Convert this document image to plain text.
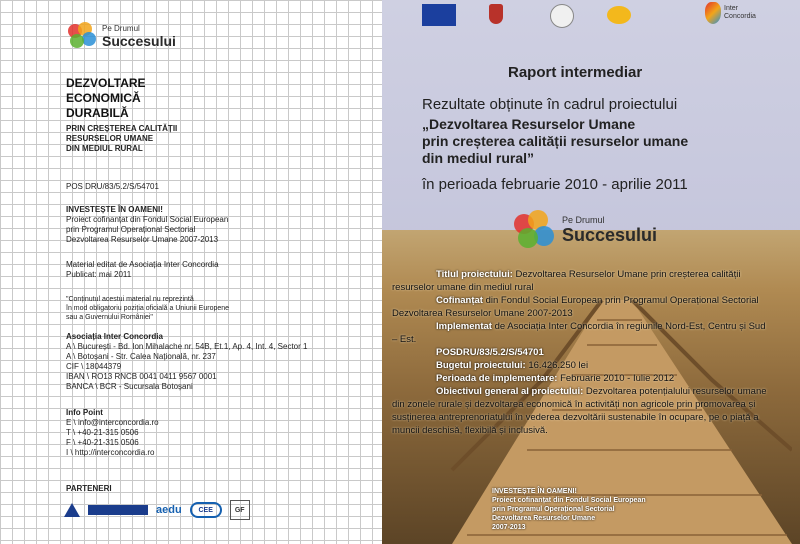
Pe Drumul
Succesului
DEZVOLTARE
ECONOMICĂ
DURABILĂ
PRIN CREȘTEREA CALITĂȚII
RESURSELOR UMANE
DIN MEDIUL RURAL
POS DRU/83/5.2/S/54701
INVESTEȘTE ÎN OAMENI!
Proiect cofinanțat din Fondul Social European
prin Programul Operațional Sectorial
Dezvoltarea Resurselor Umane 2007-2013
Material editat de Asociația Inter Concordia
Publicat: mai 2011
"Conținutul acestui material nu reprezintă
în mod obligatoriu poziția oficială a Uniunii Europene
sau a Guvernului României"
Asociația Inter Concordia
A \ București - Bd. Ion Mihalache nr. 54B, Et.1, Ap. 4, Int. 4, Sector 1
A \ Botoșani - Str. Calea Națională, nr. 237
CIF \ 18044379
IBAN \ RO13 RNCB 0041 0411 9567 0001
BANCA \ BCR - Sucursala Botoșani
Info Point
E \ info@interconcordia.ro
T \ +40-21-315 0506
F \ +40-21-315 0506
I \ http://interconcordia.ro
PARTENERI
aedu	CEE	GF
Inter Concordia
Raport intermediar
Rezultate obținute în cadrul proiectului
„Dezvoltarea Resurselor Umane
prin creșterea calității resurselor umane
din mediul rural”
în perioada februarie 2010 - aprilie 2011
Pe Drumul
Succesului
Titlul proiectului: Dezvoltarea Resurselor Umane prin creșterea calității resurselor umane din mediul rural
Cofinanțat din Fondul Social European prin Programul Operațional Sectorial Dezvoltarea Resurselor Umane 2007-2013
Implementat de Asociația Inter Concordia în regiunile Nord-Est, Centru și Sud – Est.
POSDRU/83/5.2/S/54701
Bugetul proiectului: 16.426.250 lei
Perioada de implementare: Februarie 2010 - Iulie 2012
Obiectivul general al proiectului: Dezvoltarea potențialului resurselor umane din zonele rurale și dezvoltarea economică în activități non agricole prin promovarea și susținerea antreprenoriatului în vederea dezvoltării sustenabile în ocupare, pe o piață a muncii deschisă, flexibilă și inclusivă.
INVESTEȘTE ÎN OAMENI!
Proiect cofinanțat din Fondul Social European
prin Programul Operațional Sectorial
Dezvoltarea Resurselor Umane
2007-2013
